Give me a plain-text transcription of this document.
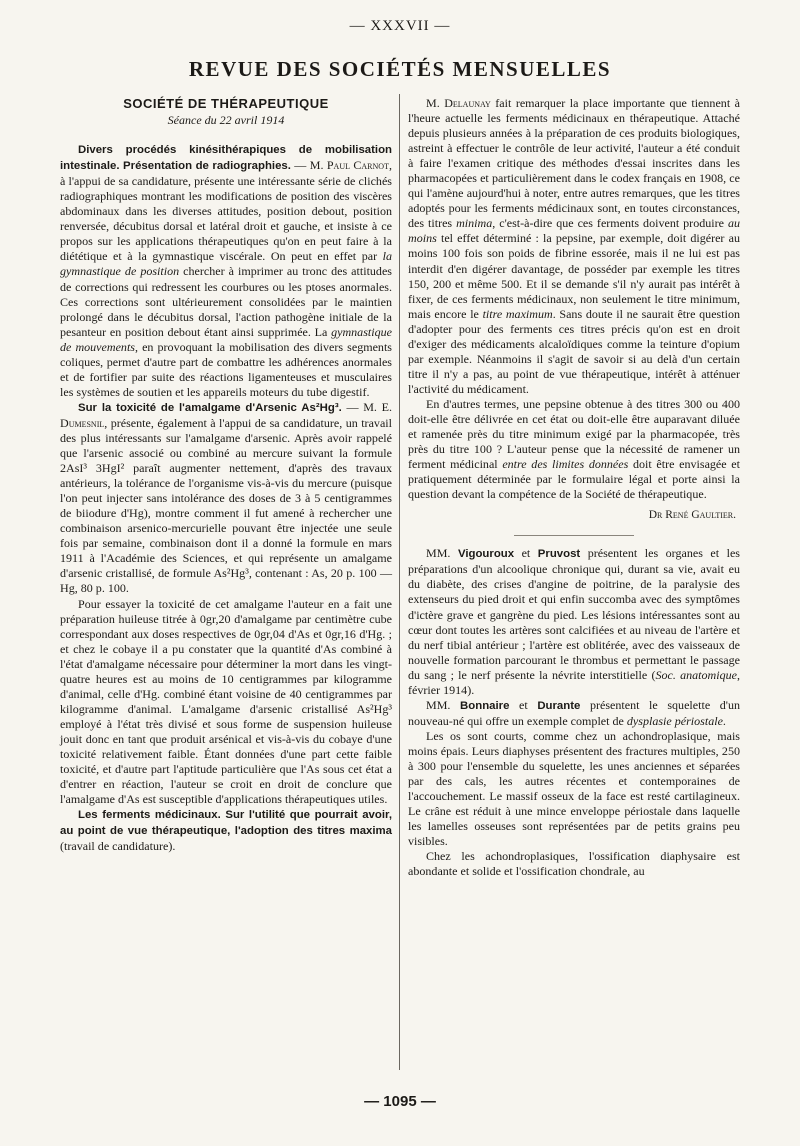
— XXXVII —
REVUE DES SOCIÉTÉS MENSUELLES
SOCIÉTÉ DE THÉRAPEUTIQUE
Séance du 22 avril 1914

Divers procédés kinésithérapiques de mobilisation intestinale. Présentation de radiographies. — M. Paul Carnot, à l'appui de sa candidature, présente une intéressante série de clichés radiographiques montrant les modifications de position des viscères abdominaux dans les diverses attitudes, position debout, position renversée, décubitus dorsal et latéral droit et gauche, et insiste à ce propos sur les applications thérapeutiques qu'on en peut faire à la diététique et à la gymnastique viscérale. On peut en effet par la gymnastique de position chercher à imprimer au tronc des attitudes de corrections qui redressent les courbures ou les ptoses anormales. Ces corrections sont ultérieurement consolidées par le maintien prolongé dans le décubitus dorsal, l'action pathogène initiale de la pesanteur en position debout étant ainsi supprimée. La gymnastique de mouvements, en provoquant la mobilisation des divers segments coliques, permet d'autre part de combattre les adhérences anormales et de fortifier par suite des réactions ligamenteuses et musculaires les systèmes de soutien et les appareils moteurs du tube digestif.

Sur la toxicité de l'amalgame d'Arsenic As²Hg³. — M. E. Dumesnil, présente, également à l'appui de sa candidature, un travail des plus intéressants sur l'amalgame d'arsenic. Après avoir rappelé que l'arsenic associé ou combiné au mercure suivant la formule 2AsI³ 3HgI² paraît augmenter nettement, d'après des travaux antérieurs, la tolérance de l'organisme vis-à-vis du mercure (puisque l'on peut injecter sans intolérance des doses de 3 à 5 centigrammes de biiodure d'Hg), montre comment il fut amené à rechercher une combinaison arsenico-mercurielle pouvant être injectée une seule fois par semaine, combinaison dont il a donné la formule en mars 1911 à l'Académie des Sciences, et qui représente un amalgame d'arsenic cristallisé, de formule As²Hg³, contenant : As, 20 p. 100 — Hg, 80 p. 100.

Pour essayer la toxicité de cet amalgame l'auteur en a fait une préparation huileuse titrée à 0gr,20 d'amalgame par centimètre cube correspondant aux doses respectives de 0gr,04 d'As et 0gr,16 d'Hg. ; et chez le cobaye il a pu constater que la quantité d'As combiné à l'état d'amalgame nécessaire pour déterminer la mort dans les vingt-quatre heures est au moins de 10 centigrammes par kilogramme d'animal, celle d'Hg. combiné étant voisine de 40 centigrammes par kilogramme d'animal. L'amalgame d'arsenic cristallisé As²Hg³ employé à l'état très divisé et sous forme de suspension huileuse jouit donc en tant que produit arsénical et vis-à-vis du cobaye d'une toxicité relativement faible. Étant données d'une part cette faible toxicité, et d'autre part l'aptitude particulière que l'As sous cet état a d'entrer en réaction, l'auteur se croit en droit de conclure que l'amalgame d'As est susceptible d'applications thérapeutiques utiles.

Les ferments médicinaux. Sur l'utilité que pourrait avoir, au point de vue thérapeutique, l'adoption des titres maxima (travail de candidature).

M. Delaunay fait remarquer la place importante que tiennent à l'heure actuelle les ferments médicinaux en thérapeutique. Attaché depuis plusieurs années à la préparation de ces produits biologiques, astreint à effectuer le contrôle de leur activité, l'auteur a été conduit à faire l'examen critique des méthodes d'essai inscrites dans les pharmacopées et particulièrement dans le codex français en 1908, ce qui l'amène aujourd'hui à noter, entre autres remarques, que les titres adoptés pour les ferments médicinaux sont, en toutes circonstances, des titres minima, c'est-à-dire que ces ferments doivent produire au moins tel effet déterminé : la pepsine, par exemple, doit digérer au moins 100 fois son poids de fibrine essorée, mais il ne lui est pas interdit d'en digérer davantage, de posséder par exemple les titres 150, 200 et même 500. Et il se demande s'il n'y aurait pas intérêt à fixer, de ces ferments médicinaux, non seulement le titre minimum, mais encore le titre maximum. Sans doute il ne saurait être question d'adopter pour des ferments ces titres précis qu'on est en droit d'exiger des médicaments alcaloïdiques comme la teinture d'opium par exemple. Néanmoins il s'agit de savoir si au delà d'un certain titre il n'y a pas, au point de vue thérapeutique, intérêt à atténuer l'activité du médicament.

En d'autres termes, une pepsine obtenue à des titres 300 ou 400 doit-elle être délivrée en cet état ou doit-elle être auparavant diluée et ramenée près du titre minimum exigé par la pharmacopée, très près du titre 100 ? L'auteur pense que la nécessité de ramener un ferment médicinal entre des limites données doit être envisagée et pratiquement déterminée par le formulaire légal et porte ainsi la question devant la compétence de la Société de thérapeutique.

Dr René Gaultier.

MM. Vigouroux et Pruvost présentent les organes et les préparations d'un alcoolique chronique qui, durant sa vie, avait eu du diabète, des crises d'angine de poitrine, de la paralysie des extenseurs du pied droit et qui enfin succomba avec des symptômes d'ictère grave et gangrène du pied. Les lésions intéressantes sont au cœur dont toutes les artères sont calcifiées et au niveau de l'artère et du nerf tibial antérieur ; l'artère est oblitérée, avec des vaisseaux de nouvelle formation parcourant le thrombus et permettant le passage du sang ; le nerf présente la névrite interstitielle (Soc. anatomique, février 1914).

MM. Bonnaire et Durante présentent le squelette d'un nouveau-né qui offre un exemple complet de dysplasie périostale.

Les os sont courts, comme chez un achondroplasique, mais moins épais. Leurs diaphyses présentent des fractures multiples, 250 à 300 pour l'ensemble du squelette, les unes anciennes et séparées par des cals, les autres récentes et contemporaines de l'accouchement. Le massif osseux de la face est resté cartilagineux. Le crâne est réduit à une mince enveloppe périostale dans laquelle les lamelles osseuses sont représentées par de petits grains peu visibles.

Chez les achondroplasiques, l'ossification diaphysaire est abondante et solide et l'ossification chondrale, au

— 1095 —
